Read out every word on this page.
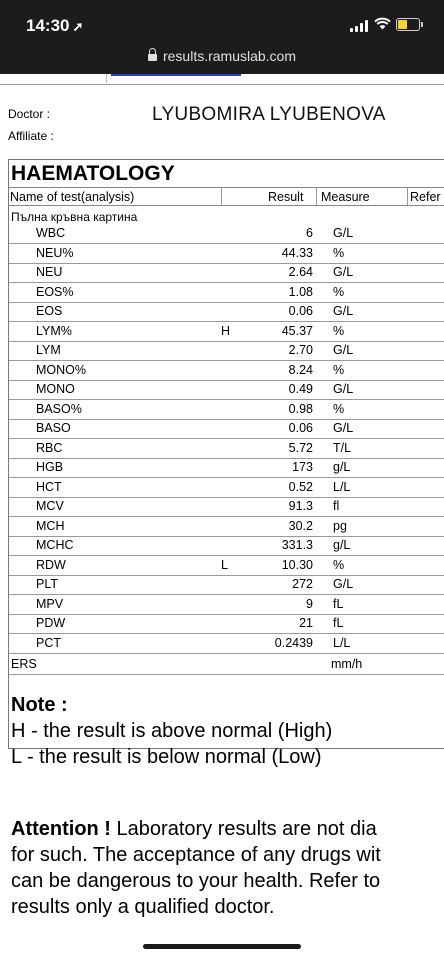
14:30 ➚
results.ramuslab.com
Doctor :	LYUBOMIRA LYUBENOVA
Affiliate :
HAEMATOLOGY
Name of test(analysis)	Result Measure	Refer
Пълна кръвна картина
WBC	6 G/L
NEU%	44.33 %
NEU	2.64 G/L
EOS%	1.08 %
EOS	0.06 G/L
LYM%	H	45.37 %
LYM	2.70 G/L
MONO%	8.24 %
MONO	0.49 G/L
BASO%	0.98 %
BASO	0.06 G/L
RBC	5.72 T/L
HGB	173 g/L
HCT	0.52 L/L
MCV	91.3 fl
MCH	30.2 pg
MCHC	331.3 g/L
RDW	L	10.30 %
PLT	272 G/L
MPV	9 fL
PDW	21 fL
PCT	0.2439 L/L
ERS	mm/h
Note :
H - the result is above normal (High)
L - the result is below normal (Low)
Attention ! Laboratory results are not dia
for such. The acceptance of any drugs wit
can be dangerous to your health. Refer to
results only a qualified doctor.
